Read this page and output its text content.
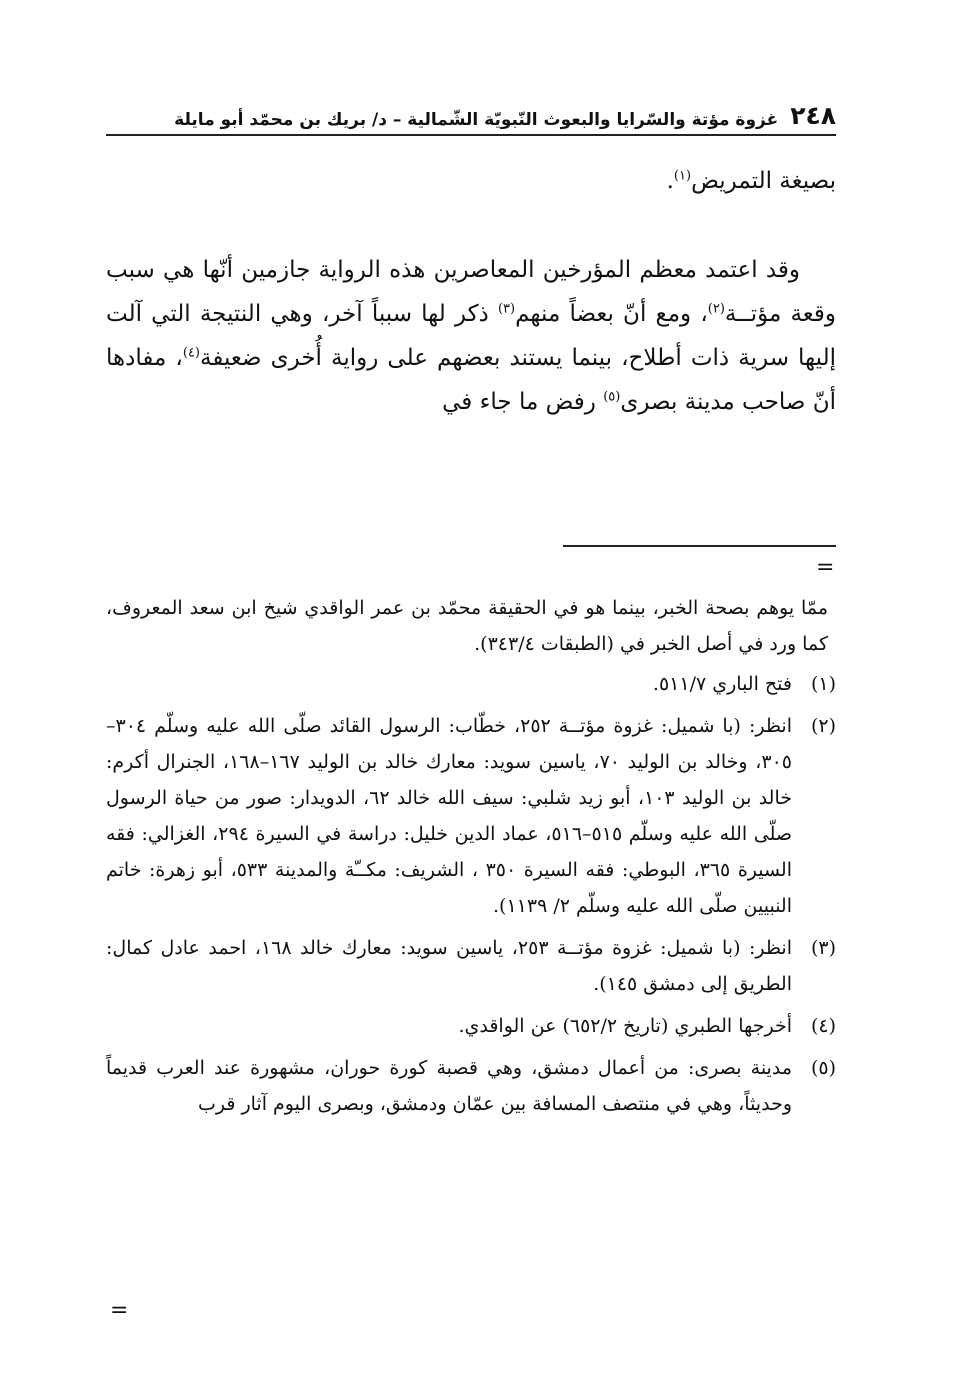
٢٤٨
غزوة مؤتة والسّرايا والبعوث النّبويّة الشّمالية – د/ بريك بن محمّد أبو مايلة
بصيغة التمريض$^{(١)}$.
وقد اعتمد معظم المؤرخين المعاصرين هذه الرواية جازمين أنّها هي سبب وقعة مؤتــة$^{(٢)}$، ومع أنّ بعضاً منهم$^{(٣)}$ ذكر لها سبباً آخر، وهي النتيجة التي آلت إليها سرية ذات أطلاح، بينما يستند بعضهم على رواية أُخرى ضعيفة$^{(٤)}$، مفادها أنّ صاحب مدينة بصرى$^{(٥)}$ رفض ما جاء في
=
ممّا يوهم بصحة الخبر، بينما هو في الحقيقة محمّد بن عمر الواقدي شيخ ابن سعد المعروف، كما ورد في أصل الخبر في (الطبقات ٣٤٣/٤).
(١)
فتح الباري ٥١١/٧.
(٢)
انظر: (با شميل: غزوة مؤتــة ٢٥٢، خطّاب: الرسول القائد صلّى الله عليه وسلّم ٣٠٤–٣٠٥، وخالد بن الوليد ٧٠، ياسين سويد: معارك خالد بن الوليد ١٦٧–١٦٨، الجنرال أكرم: خالد بن الوليد ١٠٣، أبو زيد شلبي: سيف الله خالد ٦٢، الدويدار: صور من حياة الرسول صلّى الله عليه وسلّم ٥١٥–٥١٦، عماد الدين خليل: دراسة في السيرة ٢٩٤، الغزالي: فقه السيرة ٣٦٥، البوطي: فقه السيرة ٣٥٠ ، الشريف: مكــّة والمدينة ٥٣٣، أبو زهرة: خاتم النبيين صلّى الله عليه وسلّم ٢/ ١١٣٩).
(٣)
انظر: (با شميل: غزوة مؤتــة ٢٥٣، ياسين سويد: معارك خالد ١٦٨، احمد عادل كمال: الطريق إلى دمشق ١٤٥).
(٤)
أخرجها الطبري (تاريخ ٦٥٢/٢) عن الواقدي.
(٥)
مدينة بصرى: من أعمال دمشق، وهي قصبة كورة حوران، مشهورة عند العرب قديماً وحديثاً، وهي في منتصف المسافة بين عمّان ودمشق، وبصرى اليوم آثار قرب
=
